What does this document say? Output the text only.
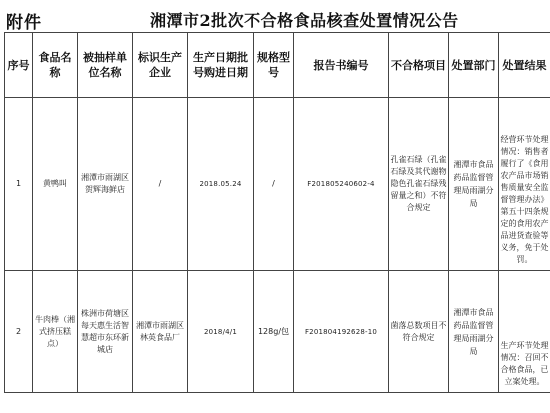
附件	湘潭市2批次不合格食品核查处置情况公告
序号	食品名称	被抽样单位名称	标识生产企业	生产日期批号购进日期	规格型号	报告书编号	不合格项目	处置部门	处置结果
1	黄鸭叫	湘潭市雨湖区贺辉海鲜店	/	2018.05.24	/	F201805240602-4	孔雀石绿（孔雀石绿及其代谢物隐色孔雀石绿残留量之和）不符合规定	湘潭市食品药品监督管理局雨湖分局	经营环节处理情况：销售者履行了《食用农产品市场销售质量安全监督管理办法》第五十四条规定的食用农产品进货查验等义务，免于处罚。
2	牛肉棒（湘式挤压糕点）	株洲市荷塘区每天惠生活智慧超市东环新城店	湘潭市雨湖区林英食品厂	2018/4/1	128g/包	F201804192628-10	菌落总数项目不符合规定	湘潭市食品药品监督管理局雨湖分局	生产环节处理情况：召回不合格食品，已立案处理。
